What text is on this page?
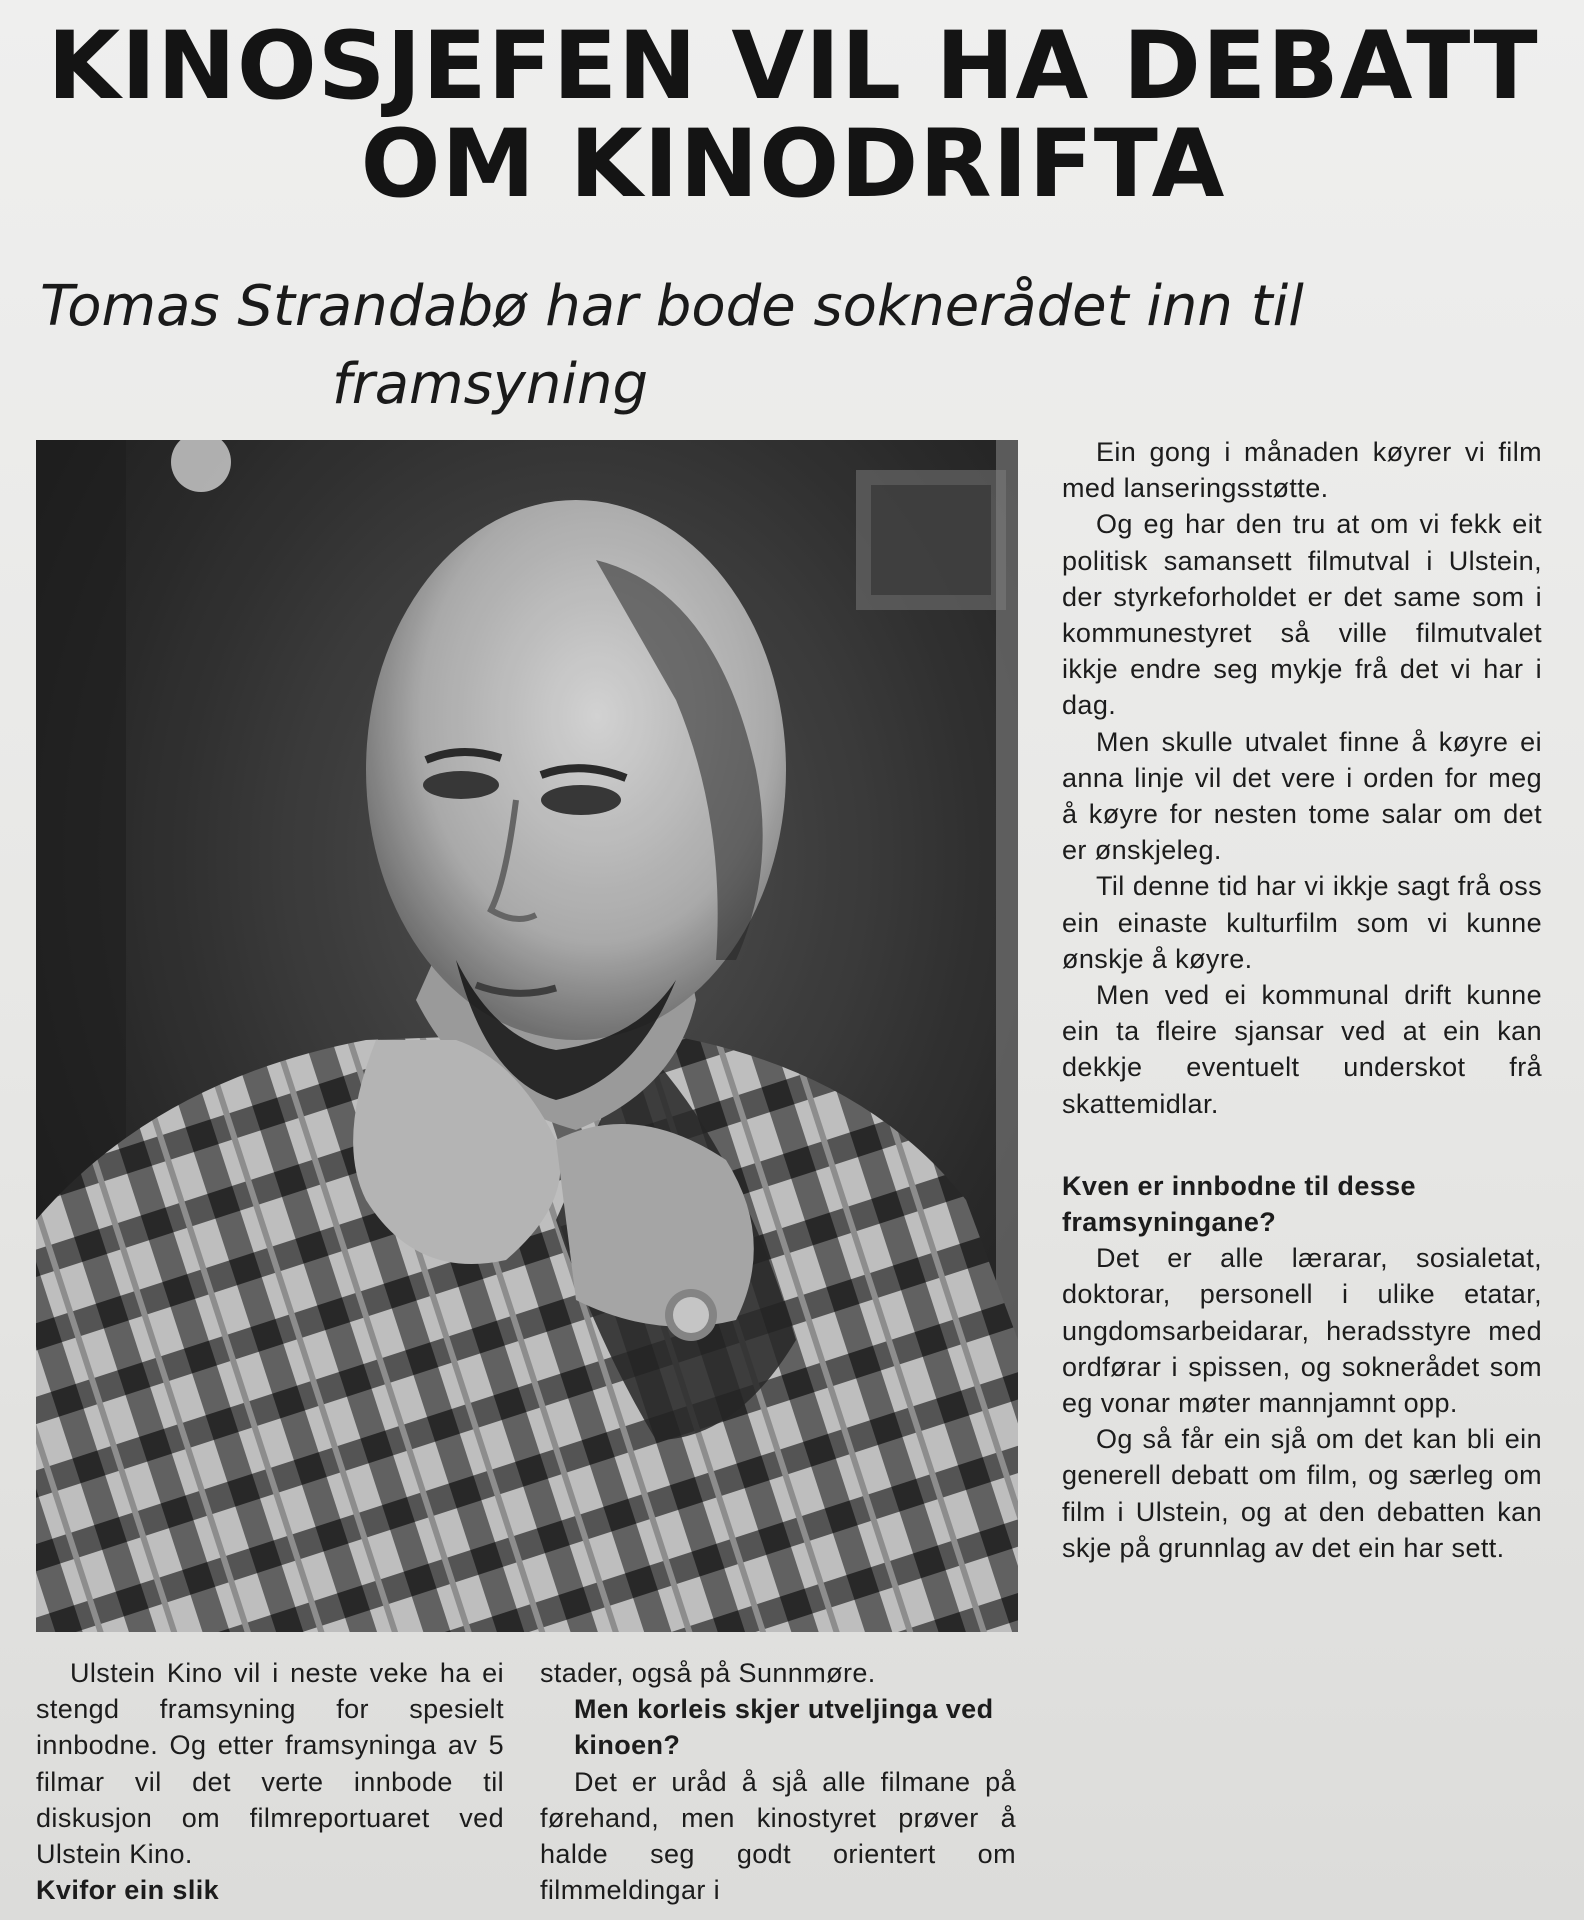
KINOSJEFEN VIL HA DEBATT
OM KINODRIFTA
Tomas Strandabø har bode soknerådet inn til
framsyning

Ein gong i månaden køyrer vi film med lanseringsstøtte.

Og eg har den tru at om vi fekk eit politisk samansett filmutval i Ulstein, der styrkeforholdet er det same som i kommunestyret så ville filmutvalet ikkje endre seg mykje frå det vi har i dag.

Men skulle utvalet finne å køyre ei anna linje vil det vere i orden for meg å køyre for nesten tome salar om det er ønskjeleg.

Til denne tid har vi ikkje sagt frå oss ein einaste kulturfilm som vi kunne ønskje å køyre.

Men ved ei kommunal drift kunne ein ta fleire sjansar ved at ein kan dekkje eventuelt underskot frå skattemidlar.

Kven er innbodne til desse framsyningane?

Det er alle lærarar, sosialetat, doktorar, personell i ulike etatar, ungdomsarbeidarar, heradsstyre med ordførar i spissen, og soknerådet som eg vonar møter mannjamnt opp.

Og så får ein sjå om det kan bli ein generell debatt om film, og særleg om film i Ulstein, og at den debatten kan skje på grunnlag av det ein har sett.

Ulstein Kino vil i neste veke ha ei stengd framsyning for spesielt innbodne. Og etter framsyninga av 5 filmar vil det verte innbode til diskusjon om filmreportuaret ved Ulstein Kino.

Kvifor ein slik

stader, også på Sunnmøre.

Men korleis skjer utveljinga ved kinoen?

Det er uråd å sjå alle filmane på førehand, men kinostyret prøver å halde seg godt orientert om filmmeldingar i
